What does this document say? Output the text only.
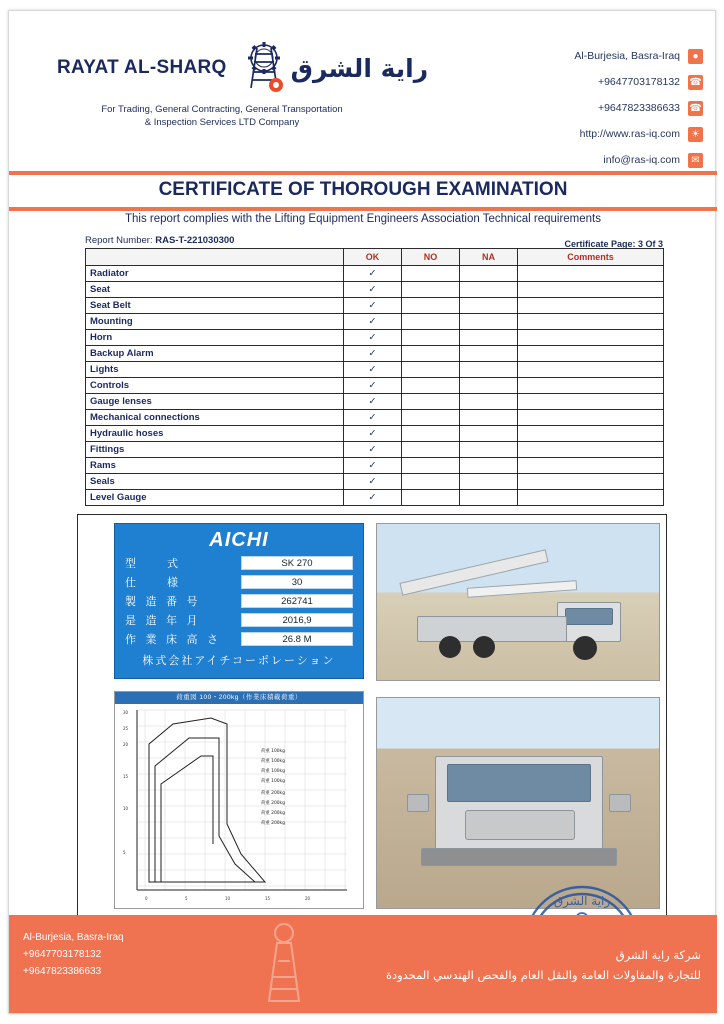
RAYAT AL-SHARQ	راية الشرق
For Trading, General Contracting, General Transportation
& Inspection Services LTD Company
Al-Burjesia, Basra-Iraq	●
+9647703178132 ☎
+9647823386633 ☎
http://www.ras-iq.com	☀
info@ras-iq.com	✉
CERTIFICATE OF THOROUGH EXAMINATION
This report complies with the Lifting Equipment Engineers Association Technical requirements
Report Number: RAS-T-221030300	Certificate Page: 3 Of 3
	OK	NO	NA	Comments
Radiator	✓			
Seat	✓			
Seat Belt	✓			
Mounting	✓			
Horn	✓			
Backup Alarm	✓			
Lights	✓			
Controls	✓			
Gauge lenses	✓			
Mechanical connections	✓			
Hydraulic hoses	✓			
Fittings	✓			
Rams	✓			
Seals	✓			
Level Gauge	✓			
AICHI
型　　式	SK 270
仕　　様	30
製 造 番 号	262741
是 造 年 月	2016,9
作 業 床 高 さ	26.8 M
株式会社アイチコーポレーション
荷重図 100・200kg（作業床積載荷重）
30
25
20
15
10
5
0	5	10	15	20
荷重 100kg
荷重 100kg
荷重 100kg
荷重 100kg
荷重 200kg
荷重 200kg
荷重 200kg
荷重 200kg
راية الشرق
Al-Burjesia, Basra-Iraq
+9647703178132
+9647823386633
شركة راية الشرق
للتجارة والمقاولات العامة والنقل العام والفحص الهندسي المحدودة
